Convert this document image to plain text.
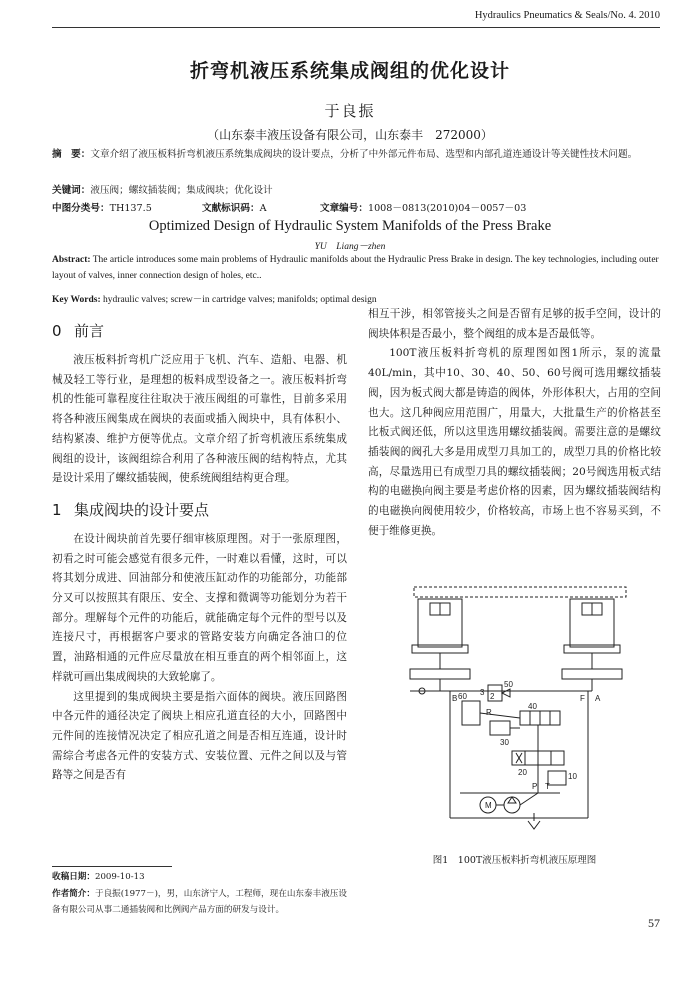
Hydraulics Pneumatics & Seals/No. 4. 2010
折弯机液压系统集成阀组的优化设计
于良振
（山东泰丰液压设备有限公司，山东泰丰　272000）
摘　要：文章介绍了液压板料折弯机液压系统集成阀块的设计要点，分析了中外部元件布局、选型和内部孔道连通设计等关键性技术问题。
关键词：液压阀；螺纹插装阀；集成阀块；优化设计
中图分类号：TH137.5	文献标识码：A	文章编号：1008－0813(2010)04－0057－03
Optimized Design of Hydraulic System Manifolds of the Press Brake
YU　Liang－zhen
Abstract: The article introduces some main problems of Hydraulic manifolds about the Hydraulic Press Brake in design. The key technologies, including outer layout of valves, inner connection design of holes, etc..
Key Words: hydraulic valves; screw－in cartridge valves; manifolds; optimal design
0 前言

液压板料折弯机广泛应用于飞机、汽车、造船、电器、机械及轻工等行业，是理想的板料成型设备之一。液压板料折弯机的性能可靠程度往往取决于液压阀组的可靠性，目前多采用将各种液压阀集成在阀块的表面或插入阀块中，具有体积小、结构紧凑、维护方便等优点。文章介绍了折弯机液压系统集成阀组的设计，该阀组综合利用了各种液压阀的结构特点，尤其是设计采用了螺纹插装阀，使系统阀组结构更合理。

1 集成阀块的设计要点

在设计阀块前首先要仔细审核原理图。对于一张原理图，初看之时可能会感觉有很多元件，一时难以看懂，这时，可以将其划分成进、回油部分和使液压缸动作的功能部分，功能部分又可以按照其有限压、安全、支撑和微调等功能划分为若干部分。理解每个元件的功能后，就能确定每个元件的型号以及连接尺寸，再根据客户要求的管路安装方向确定各油口的位置，油路相通的元件应尽量放在相互垂直的两个相邻面上，这样就可画出集成阀块的大致轮廓了。

这里提到的集成阀块主要是指六面体的阀块。液压回路图中各元件的通径决定了阀块上相应孔道直径的大小，回路图中元件间的连接情况决定了相应孔道之间是否相互连通，设计时需综合考虑各元件的安装方式、安装位置、元件之间以及与管路等之间是否有

相互干涉，相邻管接头之间是否留有足够的扳手空间，设计的阀块体积是否最小，整个阀组的成本是否最低等。

100T液压板料折弯机的原理图如图1所示，泵的流量40L/min，其中10、30、40、50、60号阀可选用螺纹插装阀，因为板式阀大都是铸造的阀体，外形体积大，占用的空间也大。这几种阀应用范围广，用量大，大批量生产的价格甚至比板式阀还低，所以这里选用螺纹插装阀。需要注意的是螺纹插装阀的阀孔大多是用成型刀具加工的，成型刀具的价格比较高，尽量选用已有成型刀具的螺纹插装阀；20号阀选用板式结构的电磁换向阀主要是考虑价格的因素，因为螺纹插装阀结构的电磁换向阀使用较少，价格较高，市场上也不容易买到，不便于维修更换。

B	F A
50
60
40
30
20	10
P T
M
3 2
R
图1　100T液压板料折弯机液压原理图
收稿日期：2009-10-13
作者简介：于良振(1977－)，男，山东济宁人，工程师，现在山东泰丰液压设备有限公司从事二通插装阀和比例阀产品方面的研发与设计。
57
